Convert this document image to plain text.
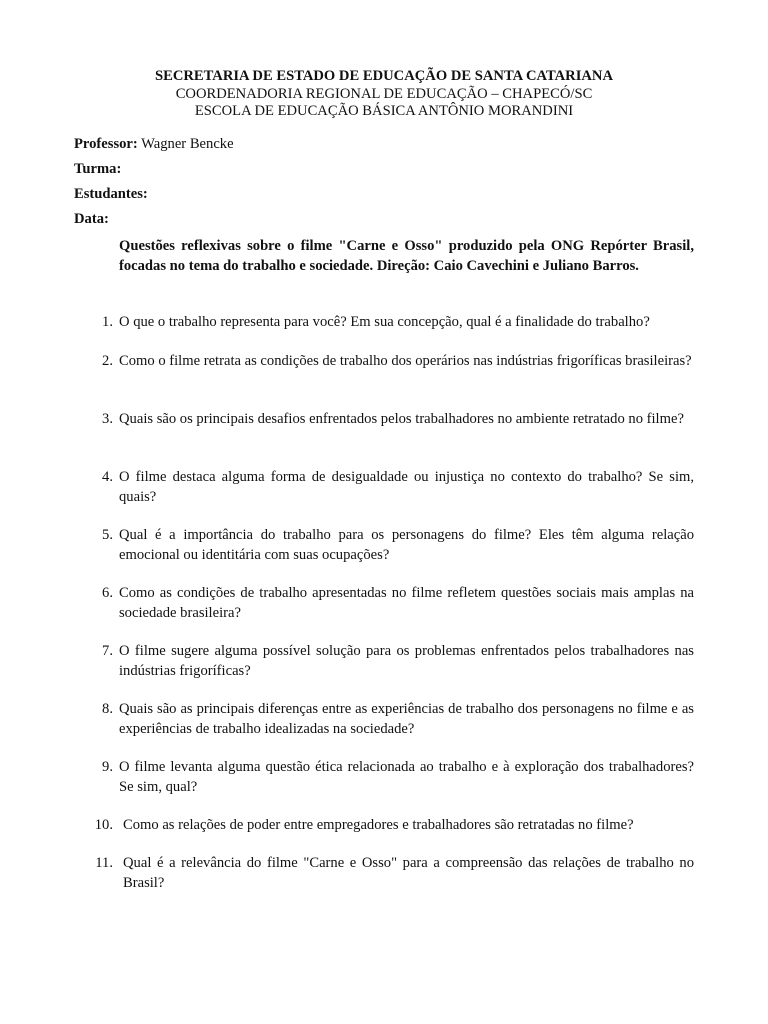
SECRETARIA DE ESTADO DE EDUCAÇÃO DE SANTA CATARIANA
COORDENADORIA REGIONAL DE EDUCAÇÃO – CHAPECÓ/SC
ESCOLA DE EDUCAÇÃO BÁSICA ANTÔNIO MORANDINI
Professor: Wagner Bencke
Turma:
Estudantes:
Data:
Questões reflexivas sobre o filme "Carne e Osso" produzido pela ONG Repórter Brasil, focadas no tema do trabalho e sociedade. Direção: Caio Cavechini e Juliano Barros.
1. O que o trabalho representa para você? Em sua concepção, qual é a finalidade do trabalho?
2. Como o filme retrata as condições de trabalho dos operários nas indústrias frigoríficas brasileiras?
3. Quais são os principais desafios enfrentados pelos trabalhadores no ambiente retratado no filme?
4. O filme destaca alguma forma de desigualdade ou injustiça no contexto do trabalho? Se sim, quais?
5. Qual é a importância do trabalho para os personagens do filme? Eles têm alguma relação emocional ou identitária com suas ocupações?
6. Como as condições de trabalho apresentadas no filme refletem questões sociais mais amplas na sociedade brasileira?
7. O filme sugere alguma possível solução para os problemas enfrentados pelos trabalhadores nas indústrias frigoríficas?
8. Quais são as principais diferenças entre as experiências de trabalho dos personagens no filme e as experiências de trabalho idealizadas na sociedade?
9. O filme levanta alguma questão ética relacionada ao trabalho e à exploração dos trabalhadores? Se sim, qual?
10. Como as relações de poder entre empregadores e trabalhadores são retratadas no filme?
11. Qual é a relevância do filme "Carne e Osso" para a compreensão das relações de trabalho no Brasil?
